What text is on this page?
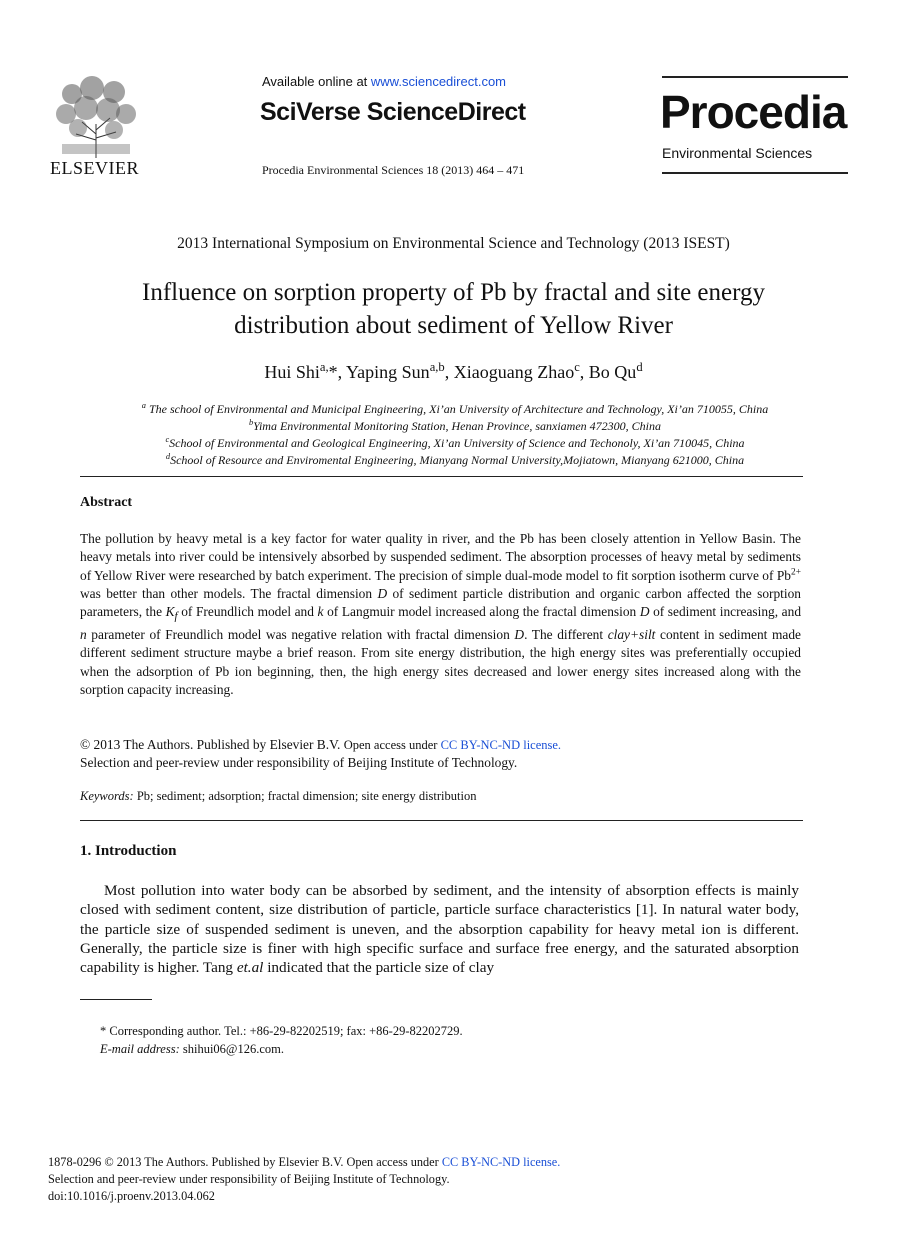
ELSEVIER
Available online at www.sciencedirect.com
SciVerse ScienceDirect
Procedia Environmental Sciences 18 (2013) 464 – 471
Procedia
Environmental Sciences
2013 International Symposium on Environmental Science and Technology (2013 ISEST)
Influence on sorption property of Pb by fractal and site energy
distribution about sediment of Yellow River
Hui Shi$^{a,}$*, Yaping Sun$^{a,b}$, Xiaoguang Zhao$^c$, Bo Qu$^d$
$^a$ The school of Environmental and Municipal Engineering, Xi’an University of Architecture and Technology, Xi’an 710055, China
$^b$Yima Environmental Monitoring Station, Henan Province, sanxiamen 472300, China
$^c$School of Environmental and Geological Engineering, Xi’an University of Science and Techonoly, Xi’an 710045, China
$^d$School of Resource and Enviromental Engineering, Mianyang Normal University,Mojiatown, Mianyang 621000, China
Abstract
The pollution by heavy metal is a key factor for water quality in river, and the Pb has been closely attention in Yellow Basin. The heavy metals into river could be intensively absorbed by suspended sediment. The absorption processes of heavy metal by sediments of Yellow River were researched by batch experiment. The precision of simple dual-mode model to fit sorption isotherm curve of $Pb^{2+}$ was better than other models. The fractal dimension D of sediment particle distribution and organic carbon affected the sorption parameters, the $K_f$ of Freundlich model and k of Langmuir model increased along the fractal dimension D of sediment increasing, and n parameter of Freundlich model was negative relation with fractal dimension D. The different clay+silt content in sediment made different sediment structure maybe a brief reason. From site energy distribution, the high energy sites was preferentially occupied when the adsorption of Pb ion beginning, then, the high energy sites decreased and lower energy sites increased along with the sorption capacity increasing.
© 2013 The Authors. Published by Elsevier B.V. Open access under CC BY-NC-ND license.
Selection and peer-review under responsibility of Beijing Institute of Technology.
Keywords: Pb; sediment; adsorption; fractal dimension; site energy distribution
1. Introduction
Most pollution into water body can be absorbed by sediment, and the intensity of absorption effects is mainly closed with sediment content, size distribution of particle, particle surface characteristics [1]. In natural water body, the particle size of suspended sediment is uneven, and the absorption capability for heavy metal ion is different. Generally, the particle size is finer with high specific surface and surface free energy, and the saturated absorption capability is higher. Tang et.al indicated that the particle size of clay
* Corresponding author. Tel.: +86-29-82202519; fax: +86-29-82202729.
E-mail address: shihui06@126.com.
1878-0296 © 2013 The Authors. Published by Elsevier B.V. Open access under CC BY-NC-ND license.
Selection and peer-review under responsibility of Beijing Institute of Technology.
doi:10.1016/j.proenv.2013.04.062
